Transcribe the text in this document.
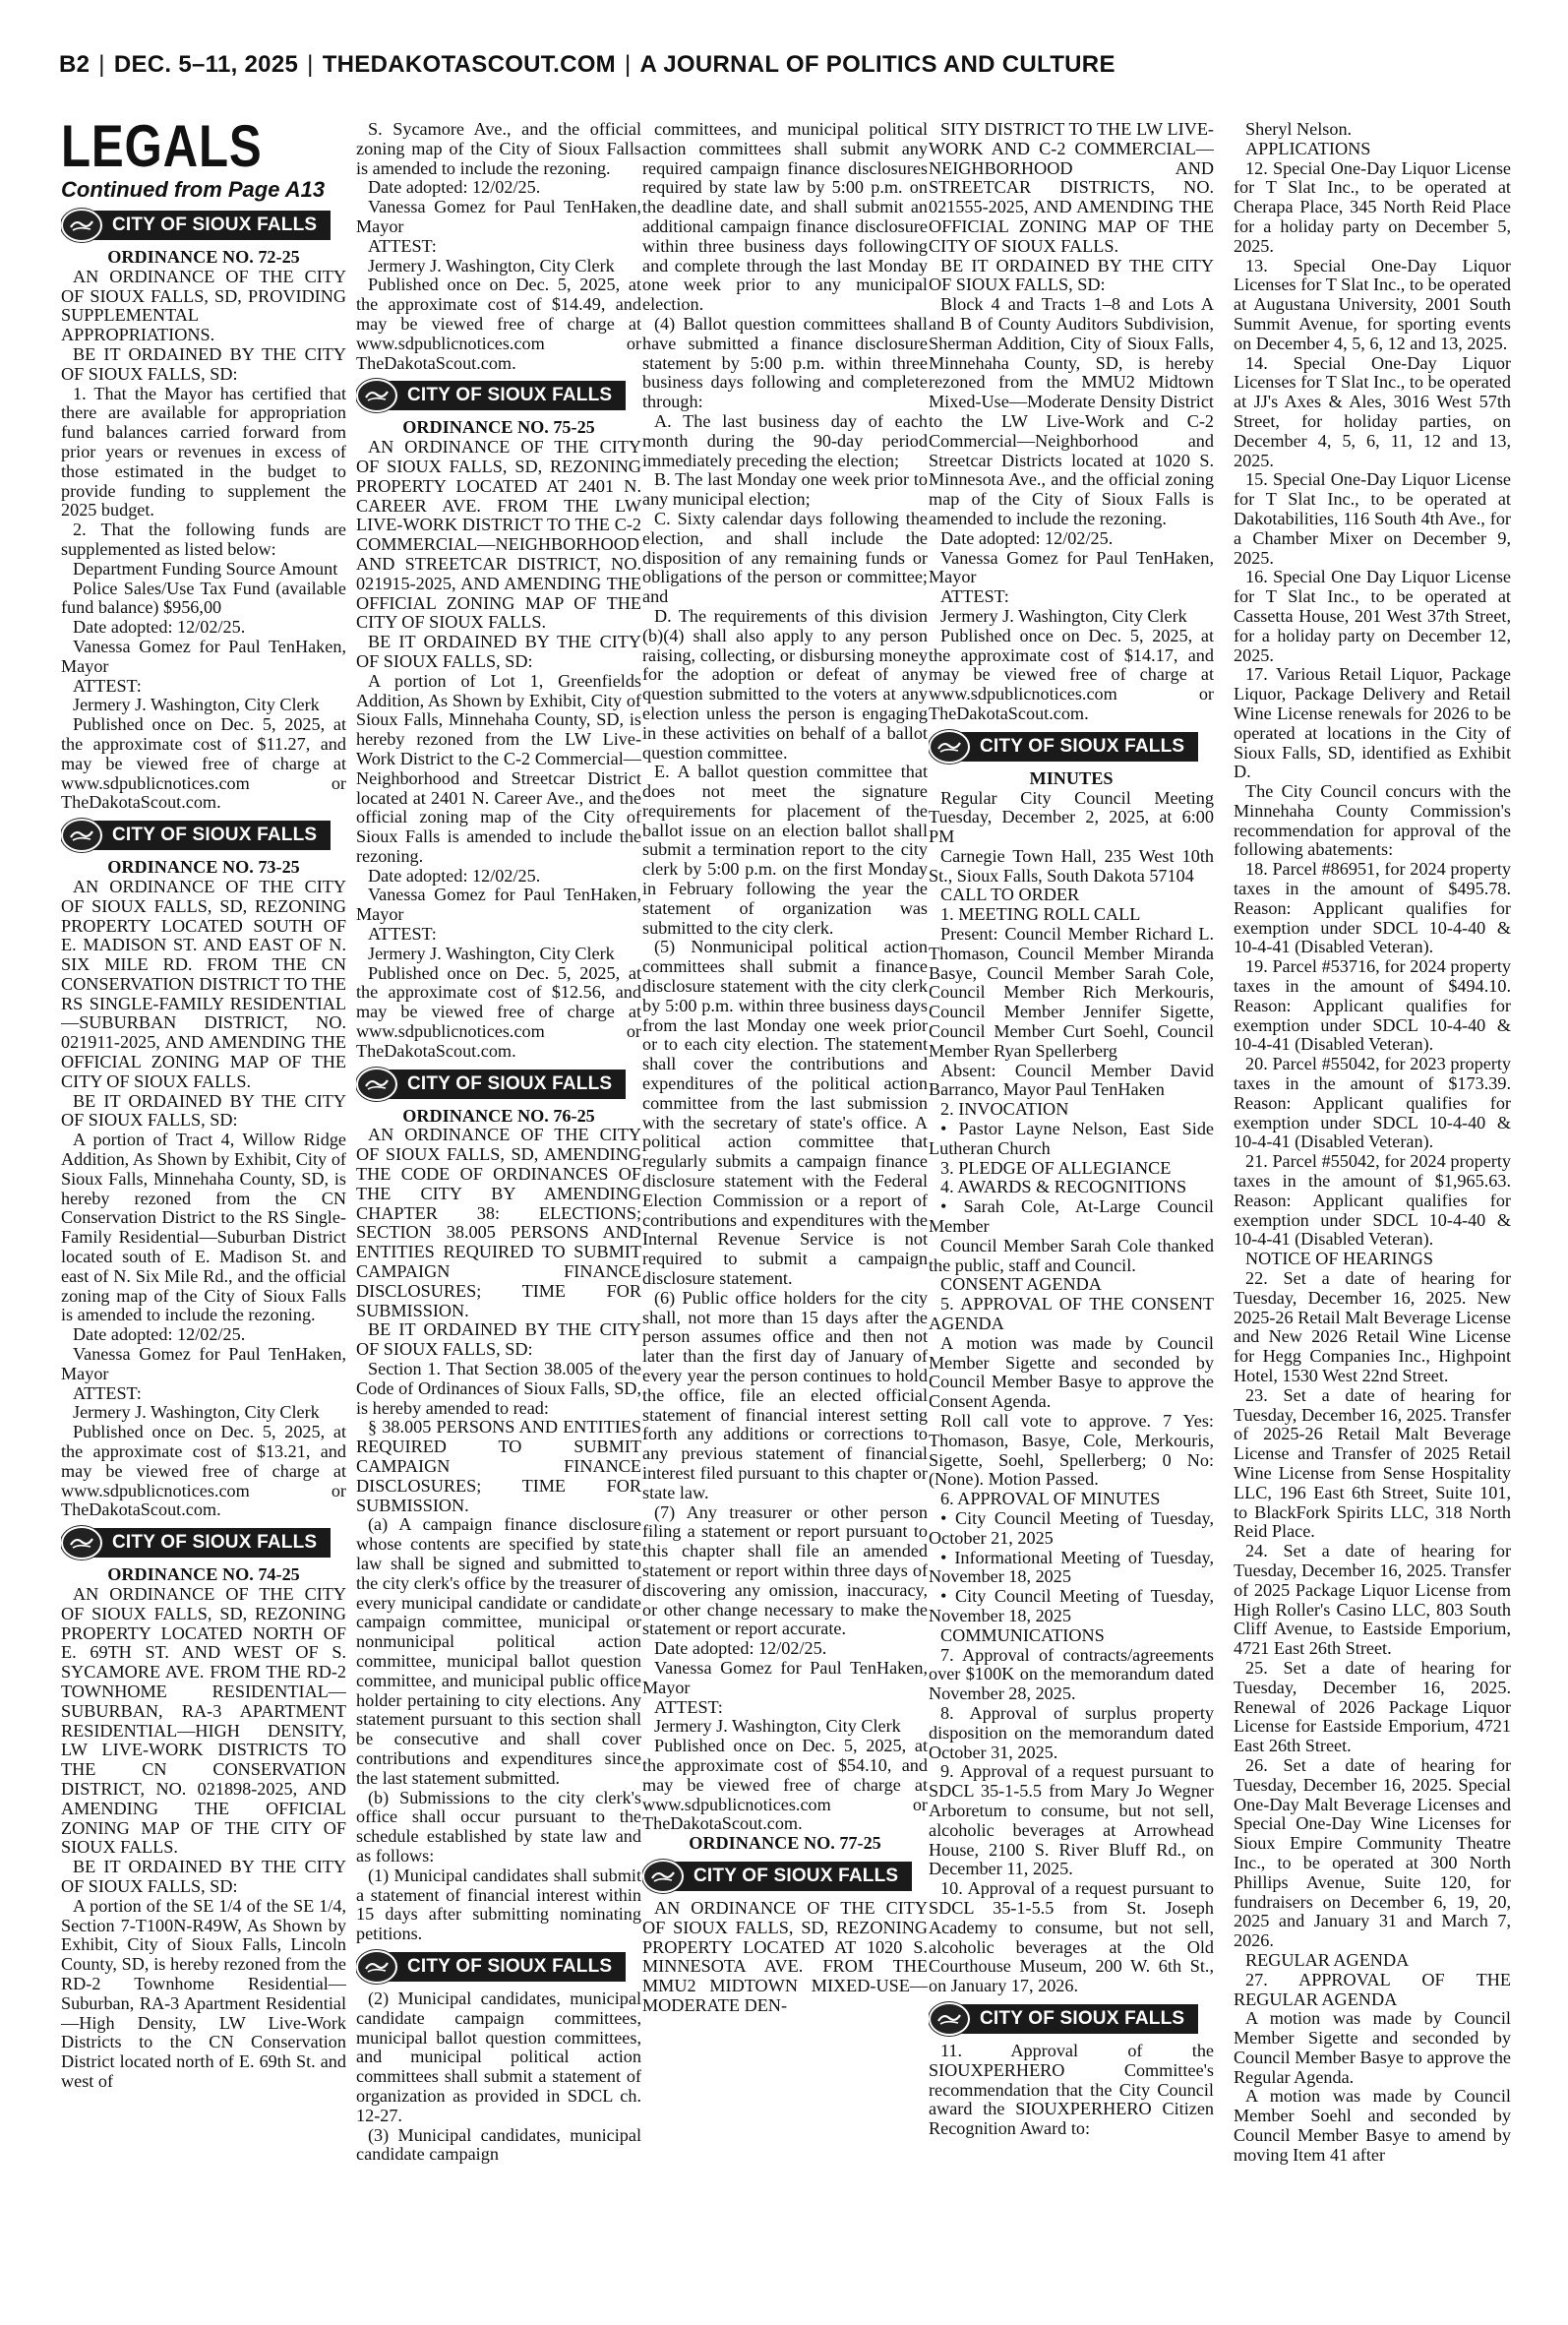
B2 | DEC. 5–11, 2025 | THEDAKOTASCOUT.COM | A JOURNAL OF POLITICS AND CULTURE
LEGALS

Continued from Page A13

CITY OF SIOUX FALLS

ORDINANCE NO. 72-25

AN ORDINANCE OF THE CITY OF SIOUX FALLS, SD, PROVIDING SUPPLEMENTAL APPROPRIATIONS.

BE IT ORDAINED BY THE CITY OF SIOUX FALLS, SD:

1. That the Mayor has certified that there are available for appropriation fund balances carried forward from prior years or revenues in excess of those estimated in the budget to provide funding to supplement the 2025 budget.

2. That the following funds are supplemented as listed below:

Department Funding Source Amount

Police Sales/Use Tax Fund (available fund balance) $956,00

Date adopted: 12/02/25.

Vanessa Gomez for Paul TenHaken, Mayor

ATTEST:

Jermery J. Washington, City Clerk

Published once on Dec. 5, 2025, at the approximate cost of $11.27, and may be viewed free of charge at www.sdpublicnotices.com or TheDakotaScout.com.

CITY OF SIOUX FALLS

ORDINANCE NO. 73-25

AN ORDINANCE OF THE CITY OF SIOUX FALLS, SD, REZONING PROPERTY LOCATED SOUTH OF E. MADISON ST. AND EAST OF N. SIX MILE RD. FROM THE CN CONSERVATION DISTRICT TO THE RS SINGLE-FAMILY RESIDENTIAL—SUBURBAN DISTRICT, NO. 021911-2025, AND AMENDING THE OFFICIAL ZONING MAP OF THE CITY OF SIOUX FALLS.

BE IT ORDAINED BY THE CITY OF SIOUX FALLS, SD:

A portion of Tract 4, Willow Ridge Addition, As Shown by Exhibit, City of Sioux Falls, Minnehaha County, SD, is hereby rezoned from the CN Conservation District to the RS Single-Family Residential—Suburban District located south of E. Madison St. and east of N. Six Mile Rd., and the official zoning map of the City of Sioux Falls is amended to include the rezoning.

Date adopted: 12/02/25.

Vanessa Gomez for Paul TenHaken, Mayor

ATTEST:

Jermery J. Washington, City Clerk

Published once on Dec. 5, 2025, at the approximate cost of $13.21, and may be viewed free of charge at www.sdpublicnotices.com or TheDakotaScout.com.

CITY OF SIOUX FALLS

ORDINANCE NO. 74-25

AN ORDINANCE OF THE CITY OF SIOUX FALLS, SD, REZONING PROPERTY LOCATED NORTH OF E. 69TH ST. AND WEST OF S. SYCAMORE AVE. FROM THE RD-2 TOWNHOME RESIDENTIAL—SUBURBAN, RA-3 APARTMENT RESIDENTIAL—HIGH DENSITY, LW LIVE-WORK DISTRICTS TO THE CN CONSERVATION DISTRICT, NO. 021898-2025, AND AMENDING THE OFFICIAL ZONING MAP OF THE CITY OF SIOUX FALLS.

BE IT ORDAINED BY THE CITY OF SIOUX FALLS, SD:

A portion of the SE 1/4 of the SE 1/4, Section 7-T100N-R49W, As Shown by Exhibit, City of Sioux Falls, Lincoln County, SD, is hereby rezoned from the RD-2 Townhome Residential—Suburban, RA-3 Apartment Residential—High Density, LW Live-Work Districts to the CN Conservation District located north of E. 69th St. and west of

S. Sycamore Ave., and the official zoning map of the City of Sioux Falls is amended to include the rezoning.

Date adopted: 12/02/25.

Vanessa Gomez for Paul TenHaken, Mayor

ATTEST:

Jermery J. Washington, City Clerk

Published once on Dec. 5, 2025, at the approximate cost of $14.49, and may be viewed free of charge at www.sdpublicnotices.com or TheDakotaScout.com.

CITY OF SIOUX FALLS

ORDINANCE NO. 75-25

AN ORDINANCE OF THE CITY OF SIOUX FALLS, SD, REZONING PROPERTY LOCATED AT 2401 N. CAREER AVE. FROM THE LW LIVE-WORK DISTRICT TO THE C-2 COMMERCIAL—NEIGHBORHOOD AND STREETCAR DISTRICT, NO. 021915-2025, AND AMENDING THE OFFICIAL ZONING MAP OF THE CITY OF SIOUX FALLS.

BE IT ORDAINED BY THE CITY OF SIOUX FALLS, SD:

A portion of Lot 1, Greenfields Addition, As Shown by Exhibit, City of Sioux Falls, Minnehaha County, SD, is hereby rezoned from the LW Live-Work District to the C-2 Commercial—Neighborhood and Streetcar District located at 2401 N. Career Ave., and the official zoning map of the City of Sioux Falls is amended to include the rezoning.

Date adopted: 12/02/25.

Vanessa Gomez for Paul TenHaken, Mayor

ATTEST:

Jermery J. Washington, City Clerk

Published once on Dec. 5, 2025, at the approximate cost of $12.56, and may be viewed free of charge at www.sdpublicnotices.com or TheDakotaScout.com.

CITY OF SIOUX FALLS

ORDINANCE NO. 76-25

AN ORDINANCE OF THE CITY OF SIOUX FALLS, SD, AMENDING THE CODE OF ORDINANCES OF THE CITY BY AMENDING CHAPTER 38: ELECTIONS; SECTION 38.005 PERSONS AND ENTITIES REQUIRED TO SUBMIT CAMPAIGN FINANCE DISCLOSURES; TIME FOR SUBMISSION.

BE IT ORDAINED BY THE CITY OF SIOUX FALLS, SD:

Section 1. That Section 38.005 of the Code of Ordinances of Sioux Falls, SD, is hereby amended to read:

§ 38.005 PERSONS AND ENTITIES REQUIRED TO SUBMIT CAMPAIGN FINANCE DISCLOSURES; TIME FOR SUBMISSION.

(a) A campaign finance disclosure whose contents are specified by state law shall be signed and submitted to the city clerk's office by the treasurer of every municipal candidate or candidate campaign committee, municipal or nonmunicipal political action committee, municipal ballot question committee, and municipal public office holder pertaining to city elections. Any statement pursuant to this section shall be consecutive and shall cover contributions and expenditures since the last statement submitted.

(b) Submissions to the city clerk's office shall occur pursuant to the schedule established by state law and as follows:

(1) Municipal candidates shall submit a statement of financial interest within 15 days after submitting nominating petitions.

CITY OF SIOUX FALLS

(2) Municipal candidates, municipal candidate campaign committees, municipal ballot question committees, and municipal political action committees shall submit a statement of organization as provided in SDCL ch. 12-27.

(3) Municipal candidates, municipal candidate campaign

committees, and municipal political action committees shall submit any required campaign finance disclosures required by state law by 5:00 p.m. on the deadline date, and shall submit an additional campaign finance disclosure within three business days following and complete through the last Monday one week prior to any municipal election.

(4) Ballot question committees shall have submitted a finance disclosure statement by 5:00 p.m. within three business days following and complete through:

A. The last business day of each month during the 90-day period immediately preceding the election;

B. The last Monday one week prior to any municipal election;

C. Sixty calendar days following the election, and shall include the disposition of any remaining funds or obligations of the person or committee; and

D. The requirements of this division (b)(4) shall also apply to any person raising, collecting, or disbursing money for the adoption or defeat of any question submitted to the voters at any election unless the person is engaging in these activities on behalf of a ballot question committee.

E. A ballot question committee that does not meet the signature requirements for placement of the ballot issue on an election ballot shall submit a termination report to the city clerk by 5:00 p.m. on the first Monday in February following the year the statement of organization was submitted to the city clerk.

(5) Nonmunicipal political action committees shall submit a finance disclosure statement with the city clerk by 5:00 p.m. within three business days from the last Monday one week prior or to each city election. The statement shall cover the contributions and expenditures of the political action committee from the last submission with the secretary of state's office. A political action committee that regularly submits a campaign finance disclosure statement with the Federal Election Commission or a report of contributions and expenditures with the Internal Revenue Service is not required to submit a campaign disclosure statement.

(6) Public office holders for the city shall, not more than 15 days after the person assumes office and then not later than the first day of January of every year the person continues to hold the office, file an elected official statement of financial interest setting forth any additions or corrections to any previous statement of financial interest filed pursuant to this chapter or state law.

(7) Any treasurer or other person filing a statement or report pursuant to this chapter shall file an amended statement or report within three days of discovering any omission, inaccuracy, or other change necessary to make the statement or report accurate.

Date adopted: 12/02/25.

Vanessa Gomez for Paul TenHaken, Mayor

ATTEST:

Jermery J. Washington, City Clerk

Published once on Dec. 5, 2025, at the approximate cost of $54.10, and may be viewed free of charge at www.sdpublicnotices.com or TheDakotaScout.com.

ORDINANCE NO. 77-25

CITY OF SIOUX FALLS

AN ORDINANCE OF THE CITY OF SIOUX FALLS, SD, REZONING PROPERTY LOCATED AT 1020 S. MINNESOTA AVE. FROM THE MMU2 MIDTOWN MIXED-USE—MODERATE DEN-

SITY DISTRICT TO THE LW LIVE-WORK AND C-2 COMMERCIAL—NEIGHBORHOOD AND STREETCAR DISTRICTS, NO. 021555-2025, AND AMENDING THE OFFICIAL ZONING MAP OF THE CITY OF SIOUX FALLS.

BE IT ORDAINED BY THE CITY OF SIOUX FALLS, SD:

Block 4 and Tracts 1–8 and Lots A and B of County Auditors Subdivision, Sherman Addition, City of Sioux Falls, Minnehaha County, SD, is hereby rezoned from the MMU2 Midtown Mixed-Use—Moderate Density District to the LW Live-Work and C-2 Commercial—Neighborhood and Streetcar Districts located at 1020 S. Minnesota Ave., and the official zoning map of the City of Sioux Falls is amended to include the rezoning.

Date adopted: 12/02/25.

Vanessa Gomez for Paul TenHaken, Mayor

ATTEST:

Jermery J. Washington, City Clerk

Published once on Dec. 5, 2025, at the approximate cost of $14.17, and may be viewed free of charge at www.sdpublicnotices.com or TheDakotaScout.com.

CITY OF SIOUX FALLS

MINUTES

Regular City Council Meeting Tuesday, December 2, 2025, at 6:00 PM

Carnegie Town Hall, 235 West 10th St., Sioux Falls, South Dakota 57104

CALL TO ORDER

1. MEETING ROLL CALL

Present: Council Member Richard L. Thomason, Council Member Miranda Basye, Council Member Sarah Cole, Council Member Rich Merkouris, Council Member Jennifer Sigette, Council Member Curt Soehl, Council Member Ryan Spellerberg

Absent: Council Member David Barranco, Mayor Paul TenHaken

2. INVOCATION

• Pastor Layne Nelson, East Side Lutheran Church

3. PLEDGE OF ALLEGIANCE

4. AWARDS & RECOGNITIONS

• Sarah Cole, At-Large Council Member

Council Member Sarah Cole thanked the public, staff and Council.

CONSENT AGENDA

5. APPROVAL OF THE CONSENT AGENDA

A motion was made by Council Member Sigette and seconded by Council Member Basye to approve the Consent Agenda.

Roll call vote to approve. 7 Yes: Thomason, Basye, Cole, Merkouris, Sigette, Soehl, Spellerberg; 0 No: (None). Motion Passed.

6. APPROVAL OF MINUTES

• City Council Meeting of Tuesday, October 21, 2025

• Informational Meeting of Tuesday, November 18, 2025

• City Council Meeting of Tuesday, November 18, 2025

COMMUNICATIONS

7. Approval of contracts/agreements over $100K on the memorandum dated November 28, 2025.

8. Approval of surplus property disposition on the memorandum dated October 31, 2025.

9. Approval of a request pursuant to SDCL 35-1-5.5 from Mary Jo Wegner Arboretum to consume, but not sell, alcoholic beverages at Arrowhead House, 2100 S. River Bluff Rd., on December 11, 2025.

10. Approval of a request pursuant to SDCL 35-1-5.5 from St. Joseph Academy to consume, but not sell, alcoholic beverages at the Old Courthouse Museum, 200 W. 6th St., on January 17, 2026.

CITY OF SIOUX FALLS

11. Approval of the SIOUXPERHERO Committee's recommendation that the City Council award the SIOUXPERHERO Citizen Recognition Award to:

Sheryl Nelson.

APPLICATIONS

12. Special One-Day Liquor License for T Slat Inc., to be operated at Cherapa Place, 345 North Reid Place for a holiday party on December 5, 2025.

13. Special One-Day Liquor Licenses for T Slat Inc., to be operated at Augustana University, 2001 South Summit Avenue, for sporting events on December 4, 5, 6, 12 and 13, 2025.

14. Special One-Day Liquor Licenses for T Slat Inc., to be operated at JJ's Axes & Ales, 3016 West 57th Street, for holiday parties, on December 4, 5, 6, 11, 12 and 13, 2025.

15. Special One-Day Liquor License for T Slat Inc., to be operated at Dakotabilities, 116 South 4th Ave., for a Chamber Mixer on December 9, 2025.

16. Special One Day Liquor License for T Slat Inc., to be operated at Cassetta House, 201 West 37th Street, for a holiday party on December 12, 2025.

17. Various Retail Liquor, Package Liquor, Package Delivery and Retail Wine License renewals for 2026 to be operated at locations in the City of Sioux Falls, SD, identified as Exhibit D.

The City Council concurs with the Minnehaha County Commission's recommendation for approval of the following abatements:

18. Parcel #86951, for 2024 property taxes in the amount of $495.78. Reason: Applicant qualifies for exemption under SDCL 10-4-40 & 10-4-41 (Disabled Veteran).

19. Parcel #53716, for 2024 property taxes in the amount of $494.10. Reason: Applicant qualifies for exemption under SDCL 10-4-40 & 10-4-41 (Disabled Veteran).

20. Parcel #55042, for 2023 property taxes in the amount of $173.39. Reason: Applicant qualifies for exemption under SDCL 10-4-40 & 10-4-41 (Disabled Veteran).

21. Parcel #55042, for 2024 property taxes in the amount of $1,965.63. Reason: Applicant qualifies for exemption under SDCL 10-4-40 & 10-4-41 (Disabled Veteran).

NOTICE OF HEARINGS

22. Set a date of hearing for Tuesday, December 16, 2025. New 2025-26 Retail Malt Beverage License and New 2026 Retail Wine License for Hegg Companies Inc., Highpoint Hotel, 1530 West 22nd Street.

23. Set a date of hearing for Tuesday, December 16, 2025. Transfer of 2025-26 Retail Malt Beverage License and Transfer of 2025 Retail Wine License from Sense Hospitality LLC, 196 East 6th Street, Suite 101, to BlackFork Spirits LLC, 318 North Reid Place.

24. Set a date of hearing for Tuesday, December 16, 2025. Transfer of 2025 Package Liquor License from High Roller's Casino LLC, 803 South Cliff Avenue, to Eastside Emporium, 4721 East 26th Street.

25. Set a date of hearing for Tuesday, December 16, 2025. Renewal of 2026 Package Liquor License for Eastside Emporium, 4721 East 26th Street.

26. Set a date of hearing for Tuesday, December 16, 2025. Special One-Day Malt Beverage Licenses and Special One-Day Wine Licenses for Sioux Empire Community Theatre Inc., to be operated at 300 North Phillips Avenue, Suite 120, for fundraisers on December 6, 19, 20, 2025 and January 31 and March 7, 2026.

REGULAR AGENDA

27. APPROVAL OF THE REGULAR AGENDA

A motion was made by Council Member Sigette and seconded by Council Member Basye to approve the Regular Agenda.

A motion was made by Council Member Soehl and seconded by Council Member Basye to amend by moving Item 41 after
